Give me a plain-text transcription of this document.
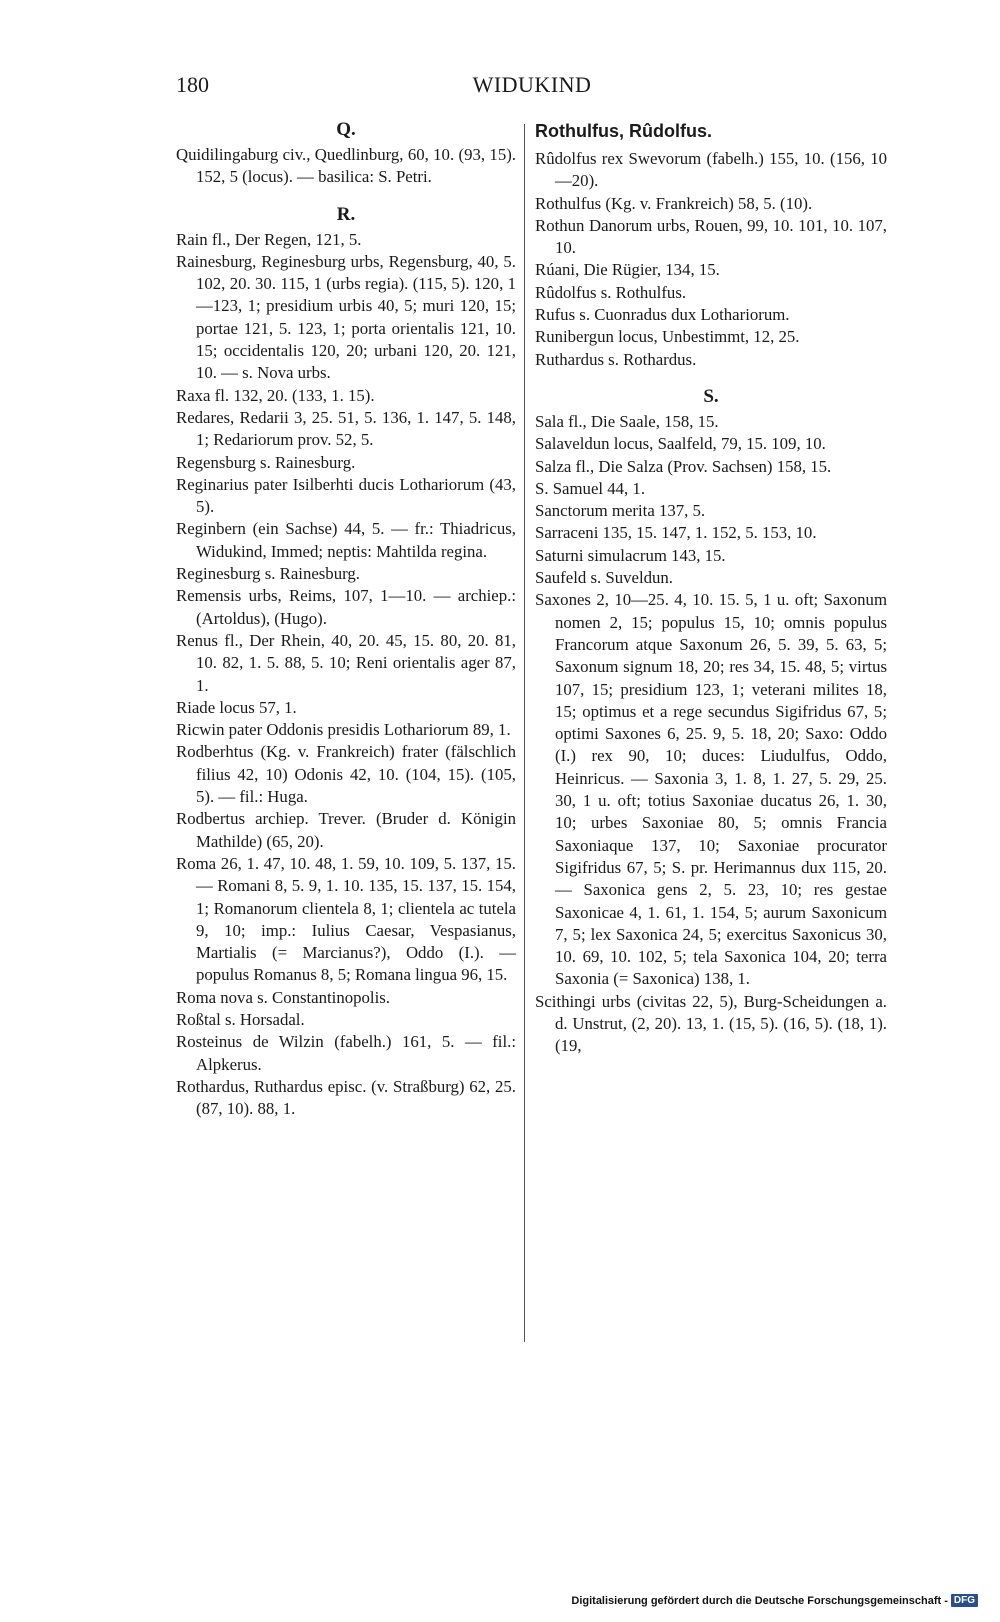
180	WIDUKIND
Q.

Quidilingaburg civ., Quedlinburg, 60, 10. (93, 15). 152, 5 (locus). — basilica: S. Petri.

R.

Rain fl., Der Regen, 121, 5.

Rainesburg, Reginesburg urbs, Regensburg, 40, 5. 102, 20. 30. 115, 1 (urbs regia). (115, 5). 120, 1—123, 1; presidium urbis 40, 5; muri 120, 15; portae 121, 5. 123, 1; porta orientalis 121, 10. 15; occidentalis 120, 20; urbani 120, 20. 121, 10. — s. Nova urbs.

Raxa fl. 132, 20. (133, 1. 15).

Redares, Redarii 3, 25. 51, 5. 136, 1. 147, 5. 148, 1; Redariorum prov. 52, 5.

Regensburg s. Rainesburg.

Reginarius pater Isilberhti ducis Lothariorum (43, 5).

Reginbern (ein Sachse) 44, 5. — fr.: Thiadricus, Widukind, Immed; neptis: Mahtilda regina.

Reginesburg s. Rainesburg.

Remensis urbs, Reims, 107, 1—10. — archiep.: (Artoldus), (Hugo).

Renus fl., Der Rhein, 40, 20. 45, 15. 80, 20. 81, 10. 82, 1. 5. 88, 5. 10; Reni orientalis ager 87, 1.

Riade locus 57, 1.

Ricwin pater Oddonis presidis Lothariorum 89, 1.

Rodberhtus (Kg. v. Frankreich) frater (fälschlich filius 42, 10) Odonis 42, 10. (104, 15). (105, 5). — fil.: Huga.

Rodbertus archiep. Trever. (Bruder d. Königin Mathilde) (65, 20).

Roma 26, 1. 47, 10. 48, 1. 59, 10. 109, 5. 137, 15. — Romani 8, 5. 9, 1. 10. 135, 15. 137, 15. 154, 1; Romanorum clientela 8, 1; clientela ac tutela 9, 10; imp.: Iulius Caesar, Vespasianus, Martialis (= Marcianus?), Oddo (I.). — populus Romanus 8, 5; Romana lingua 96, 15.

Roma nova s. Constantinopolis.

Roßtal s. Horsadal.

Rosteinus de Wilzin (fabelh.) 161, 5. — fil.: Alpkerus.

Rothardus, Ruthardus episc. (v. Straßburg) 62, 25. (87, 10). 88, 1.

Rothulfus, Rûdolfus.

Rûdolfus rex Swevorum (fabelh.) 155, 10. (156, 10—20).

Rothulfus (Kg. v. Frankreich) 58, 5. (10).

Rothun Danorum urbs, Rouen, 99, 10. 101, 10. 107, 10.

Rúani, Die Rügier, 134, 15.

Rûdolfus s. Rothulfus.

Rufus s. Cuonradus dux Lothariorum.

Runibergun locus, Unbestimmt, 12, 25.

Ruthardus s. Rothardus.

S.

Sala fl., Die Saale, 158, 15.

Salaveldun locus, Saalfeld, 79, 15. 109, 10.

Salza fl., Die Salza (Prov. Sachsen) 158, 15.

S. Samuel 44, 1.

Sanctorum merita 137, 5.

Sarraceni 135, 15. 147, 1. 152, 5. 153, 10.

Saturni simulacrum 143, 15.

Saufeld s. Suveldun.

Saxones 2, 10—25. 4, 10. 15. 5, 1 u. oft; Saxonum nomen 2, 15; populus 15, 10; omnis populus Francorum atque Saxonum 26, 5. 39, 5. 63, 5; Saxonum signum 18, 20; res 34, 15. 48, 5; virtus 107, 15; presidium 123, 1; veterani milites 18, 15; optimus et a rege secundus Sigifridus 67, 5; optimi Saxones 6, 25. 9, 5. 18, 20; Saxo: Oddo (I.) rex 90, 10; duces: Liudulfus, Oddo, Heinricus. — Saxonia 3, 1. 8, 1. 27, 5. 29, 25. 30, 1 u. oft; totius Saxoniae ducatus 26, 1. 30, 10; urbes Saxoniae 80, 5; omnis Francia Saxoniaque 137, 10; Saxoniae procurator Sigifridus 67, 5; S. pr. Herimannus dux 115, 20. — Saxonica gens 2, 5. 23, 10; res gestae Saxonicae 4, 1. 61, 1. 154, 5; aurum Saxonicum 7, 5; lex Saxonica 24, 5; exercitus Saxonicus 30, 10. 69, 10. 102, 5; tela Saxonica 104, 20; terra Saxonia (= Saxonica) 138, 1.

Scithingi urbs (civitas 22, 5), Burg-Scheidungen a. d. Unstrut, (2, 20). 13, 1. (15, 5). (16, 5). (18, 1). (19,

Digitalisierung gefördert durch die Deutsche Forschungsgemeinschaft - DFG
